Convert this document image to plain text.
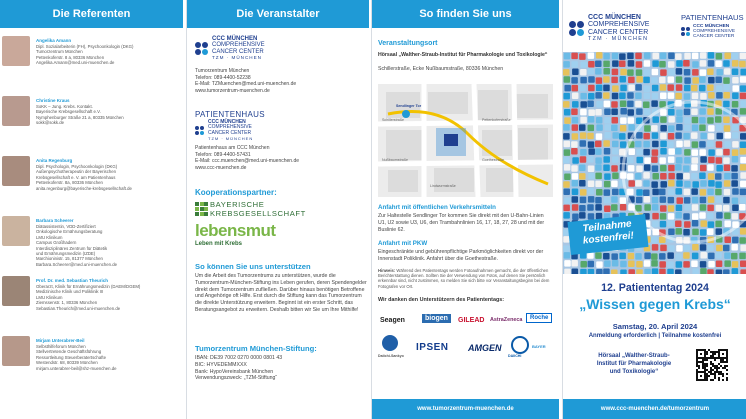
Die Referenten
Angelika Amann
Dipl. Sozialarbeiterin (FH), Psychoonkologin (DKG)
Tumorzentrum München
Pettenkoferstr. 8 a, 80336 München
Angelika.Amann@med.uni-muenchen.de
Christine Kraus
SoKK – Jung. Krebs. Kontakt.
Bayerische Krebsgesellschaft e.V.
Nymphenburger Straße 21 a, 80335 München
sokk@sokk.de
Anita Regenburg
Dipl. Psychologin, Psychoonkologin (DKG)
Außenpsychotherapeutin der Bayerischen
Krebsgesellschaft e. V. am Patientenhaus
Pettenkoferstr. 8a, 80336 München
anita.regenburg@bayerische-krebsgesellschaft.de
Barbara Scheerer
Diätassistentin, VDD-Zertifiziert
Onkologische Ernährungsberatung
LMU Klinikum
Campus Großhadern
Interdisziplinäres Zentrum für Diätetik
und Ernährungsmedizin (IZDE)
Marchioninistr. 15, 81377 München
Barbara.Scheerer@med.uni-muenchen.de
Prof. Dr. med. Sebastian Theurich
Oberarzt, Klinik für Ernährungsmedizin (DAEM/DGEM)
Medizinische Klinik und Poliklinik III
LMU Klinikum
Ziemssenstr. 1, 80336 München
Sebastian.Theurich@med.uni-muenchen.de
Mirjam Unterabrer-Beil
Selbsthilfeforum München
Stellvertretende Geschäftsführung
Ressortleitung Steuerberatertschafte
Westendstr. 68, 80339 München
mirjam.unterabrer-beil@shz-muenchen.de
Die Veranstalter
CCC MÜNCHEN
COMPREHENSIVE
CANCER CENTER
TZM · MÜNCHEN
Tumorzentrum München
Telefon: 089-4400-52238
E-Mail: TZMuenchen@med.uni-muenchen.de
www.tumorzentrum-muenchen.de
PATIENTENHAUS
CCC MÜNCHEN
COMPREHENSIVE
CANCER CENTER
TZM · MÜNCHEN
Patientenhaus am CCC München
Telefon: 089-4400-57431
E-Mail: ccc.muenchen@med.uni-muenchen.de
www.ccc-muenchen.de
Kooperationspartner:
BAYERISCHE
KREBSGESELLSCHAFT
lebensmut
Leben mit Krebs
So können Sie uns unterstützen
Um die Arbeit des Tumorzentrums zu unterstützen, wurde die Tumorzentrum-München-Stiftung ins Leben gerufen, deren Spendengelder direkt dem Tumorzentrum zufließen. Darüber hinaus benötigen Betroffene und Angehörige oft Hilfe. Erst durch die Stiftung kann das Tumorzentrum die direkte Unterstützung erweitern. Beginnt ist ein erster Schritt, das Beratungsangebot zu erweitern. Deshalb bitten wir Sie um Ihre Mithilfe!
Tumorzentrum München-Stiftung:
IBAN: DE39 7002 0270 0000 0801 43
BIC: HYVEDEMMXXX
Bank: HypoVereinsbank München
Verwendungszweck: „TZM-Stiftung“
So finden Sie uns
Veranstaltungsort
Hörsaal „Walther-Straub-Institut für Pharmakologie und Toxikologie“
Schillerstraße, Ecke Nußbaumstraße, 80336 München
Schillerstraße	Pettenkoferstraße
Nußbaumstraße	Goethestraße
Sendlinger Tor
Lindwurmstraße
Anfahrt mit öffentlichen Verkehrsmitteln
Zur Haltestelle Sendlinger Tor kommen Sie direkt mit den U-Bahn-Linien U1, U2 sowie U3, U6, den Trambahnlinien 16, 17, 18, 27, 28 und mit der Buslinie 62.
Anfahrt mit PKW
Eingeschränkte und gebührenpflichtige Parkmöglichkeiten direkt vor der Innenstadt Poliklinik. Anfahrt über die Goethestraße.
Hinweis: Während des Patiententags werden Fotoaufnahmen gemacht, die der öffentlichen Berichterstattung dienen. Sollten Sie der Verwendung von Fotos, auf denen Sie persönlich erkennbar sind, nicht zustimmen, so melden Sie sich bitte vor Veranstaltungsbeginn bei dem Fotografen vor Ort.
Wir danken den Unterstützern des Patiententags:
Seagen	biogen	GILEAD AstraZeneca	Roche
Daiichi-Sankyo
IPSEN AMGEN
DAIICHI
BAYER
www.tumorzentrum-muenchen.de
CCC MÜNCHEN
COMPREHENSIVE
CANCER CENTER
TZM · MÜNCHEN
PATIENTENHAUS
CCC MÜNCHEN
COMPREHENSIVE
CANCER CENTER
Teilnahme
kostenfrei!
12. Patiententag 2024
„Wissen gegen Krebs“
Samstag, 20. April 2024
Anmeldung erforderlich | Teilnahme kostenfrei
Hörsaal „Walther-Straub-
Institut für Pharmakologie
und Toxikologie“
www.ccc-muenchen.de/tumorzentrum
